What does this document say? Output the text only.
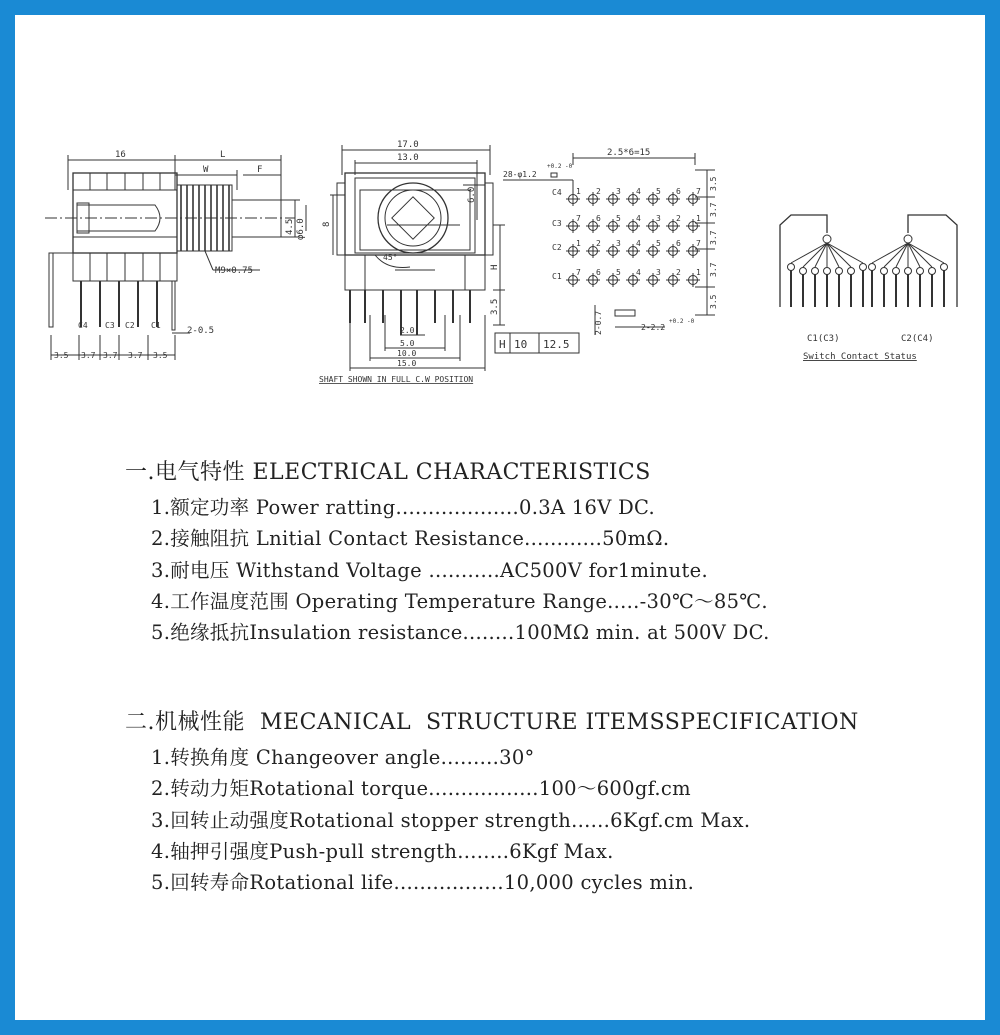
16
W
L
F
4.5 φ6.0
M9×0.75
C4 C3 C2 C1
2-0.5
3.5 3.7 3.7 3.7 3.5
17.0
13.0
8
45°
6.0
H
3.5
2.0
5.0
10.0
15.0
SHAFT SHOWN IN FULL C.W POSITION
H 10 12.5
28-φ1.2
+0.2 -0
2.5*6=15
3.5
3.7
3.7
3.7
3.5
C4
C3
C2
C1
1 2 3 4 5 6 7
7 6 5 4 3 2 1
1 2 3 4 5 6 7
7 6 5 4 3 2 1
2-0.7	2-2.2
+0.2 -0
C1(C3)	C2(C4)
Switch Contact Status
一.电气特性 ELECTRICAL CHARACTERISTICS
1.额定功率 Power ratting...................0.3A 16V DC.
2.接触阻抗 Lnitial Contact Resistance............50mΩ.
3.耐电压 Withstand Voltage ...........AC500V for1minute.
4.工作温度范围 Operating Temperature Range.....-30℃～85℃.
5.绝缘抵抗Insulation resistance........100MΩ min. at 500V DC.
二.机械性能  MECANICAL  STRUCTURE ITEMSSPECIFICATION
1.转换角度 Changeover angle.........30°
2.转动力矩Rotational torque.................100～600gf.cm
3.回转止动强度Rotational stopper strength......6Kgf.cm Max.
4.轴押引强度Push-pull strength........6Kgf Max.
5.回转寿命Rotational life.................10,000 cycles min.
